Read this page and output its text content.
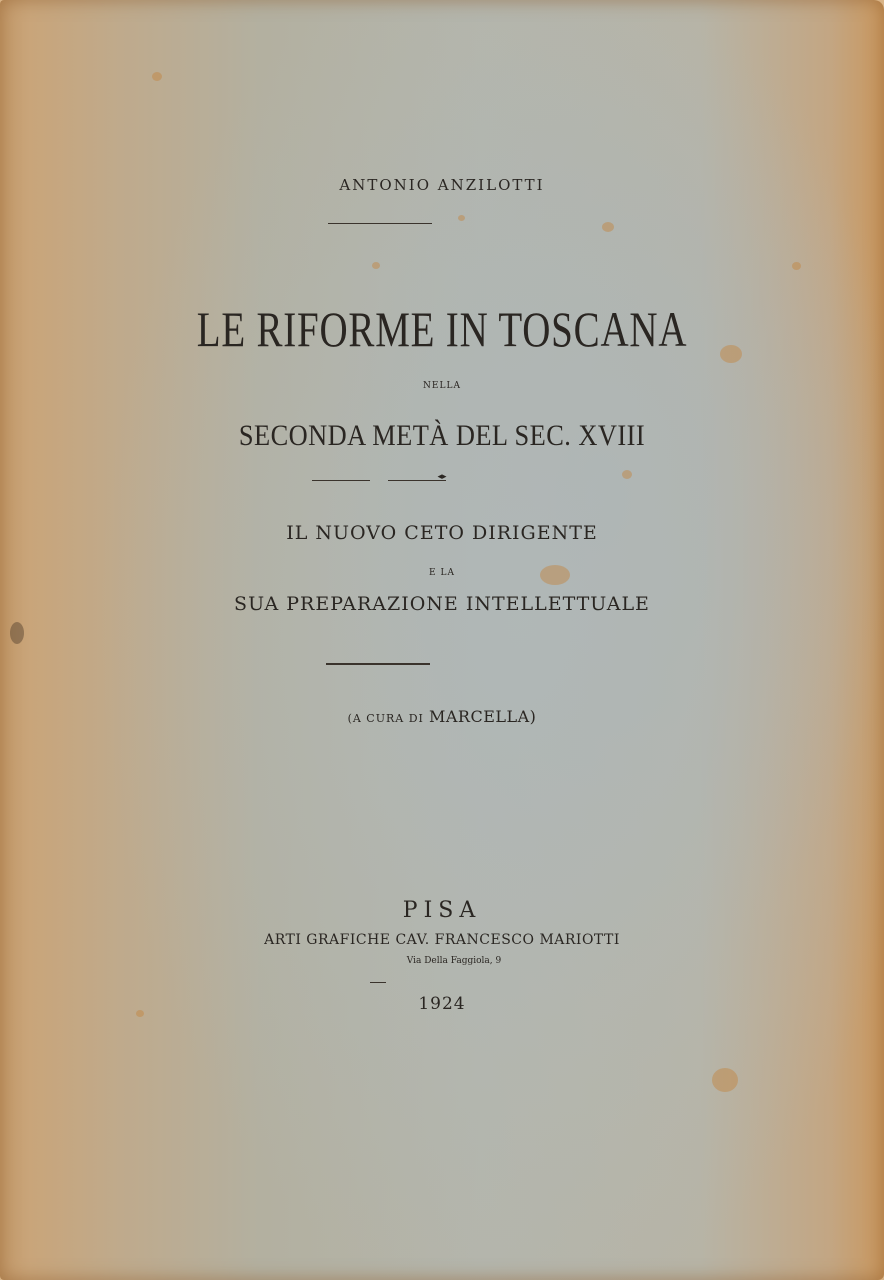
ANTONIO ANZILOTTI
LE RIFORME IN TOSCANA
NELLA
SECONDA METÀ DEL SEC. XVIII
◂▸
IL NUOVO CETO DIRIGENTE
E LA
SUA PREPARAZIONE INTELLETTUALE
(A CURA DI MARCELLA)
PISA
ARTI GRAFICHE CAV. FRANCESCO MARIOTTI
Via Della Faggiola, 9
1924
